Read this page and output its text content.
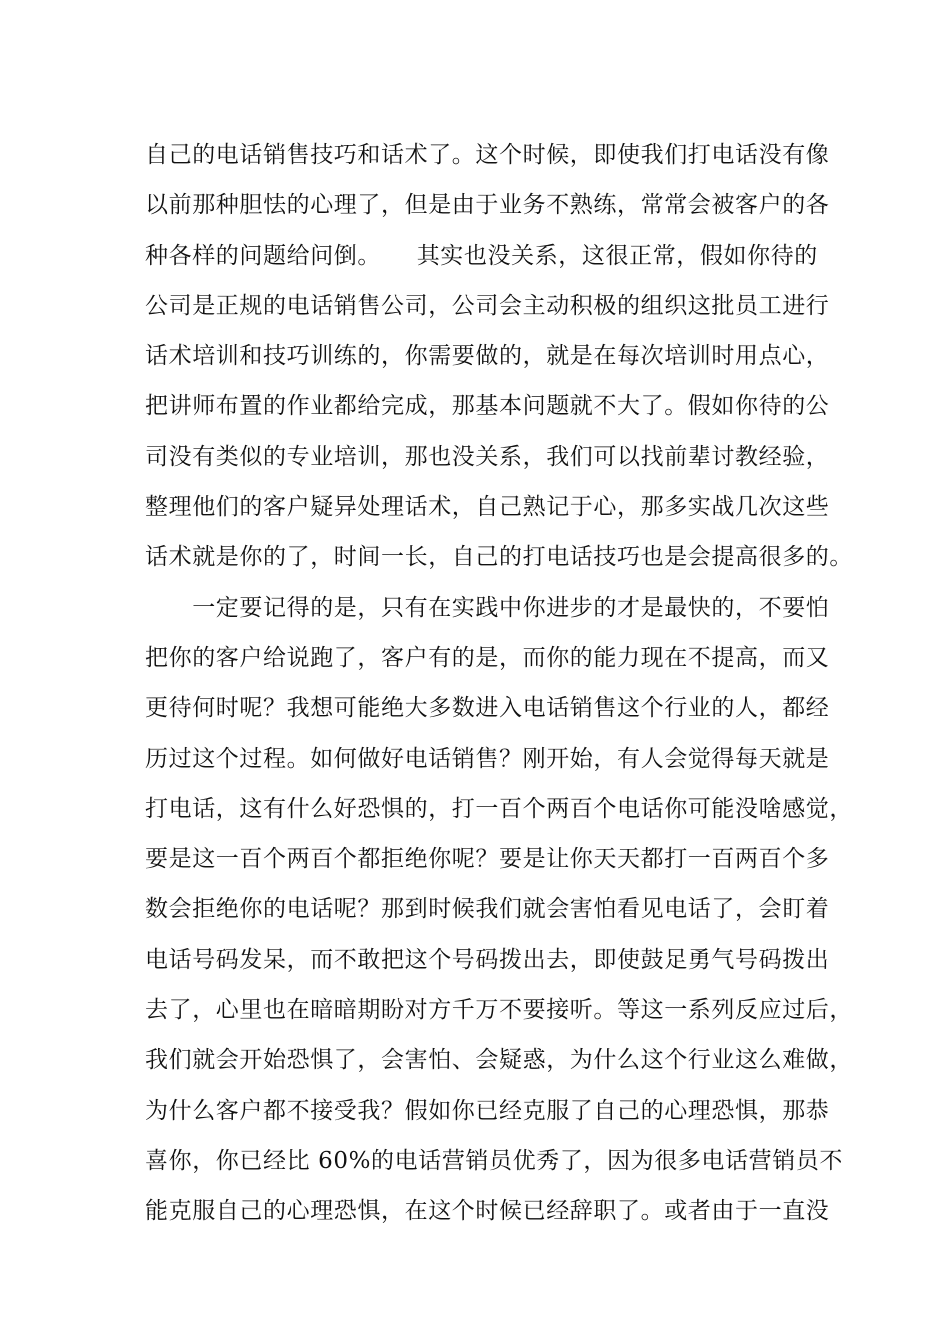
自己的电话销售技巧和话术了。这个时候，即使我们打电话没有像
以前那种胆怯的心理了，但是由于业务不熟练，常常会被客户的各
种各样的问题给问倒。　　其实也没关系，这很正常，假如你待的
公司是正规的电话销售公司，公司会主动积极的组织这批员工进行
话术培训和技巧训练的，你需要做的，就是在每次培训时用点心，
把讲师布置的作业都给完成，那基本问题就不大了。假如你待的公
司没有类似的专业培训，那也没关系，我们可以找前辈讨教经验，
整理他们的客户疑异处理话术，自己熟记于心，那多实战几次这些
话术就是你的了，时间一长，自己的打电话技巧也是会提高很多的。
　　一定要记得的是，只有在实践中你进步的才是最快的，不要怕
把你的客户给说跑了，客户有的是，而你的能力现在不提高，而又
更待何时呢？我想可能绝大多数进入电话销售这个行业的人，都经
历过这个过程。如何做好电话销售？刚开始，有人会觉得每天就是
打电话，这有什么好恐惧的，打一百个两百个电话你可能没啥感觉，
要是这一百个两百个都拒绝你呢？要是让你天天都打一百两百个多
数会拒绝你的电话呢？那到时候我们就会害怕看见电话了，会盯着
电话号码发呆，而不敢把这个号码拨出去，即使鼓足勇气号码拨出
去了，心里也在暗暗期盼对方千万不要接听。等这一系列反应过后，
我们就会开始恐惧了，会害怕、会疑惑，为什么这个行业这么难做，
为什么客户都不接受我？假如你已经克服了自己的心理恐惧，那恭
喜你，你已经比 60%的电话营销员优秀了，因为很多电话营销员不
能克服自己的心理恐惧，在这个时候已经辞职了。或者由于一直没
